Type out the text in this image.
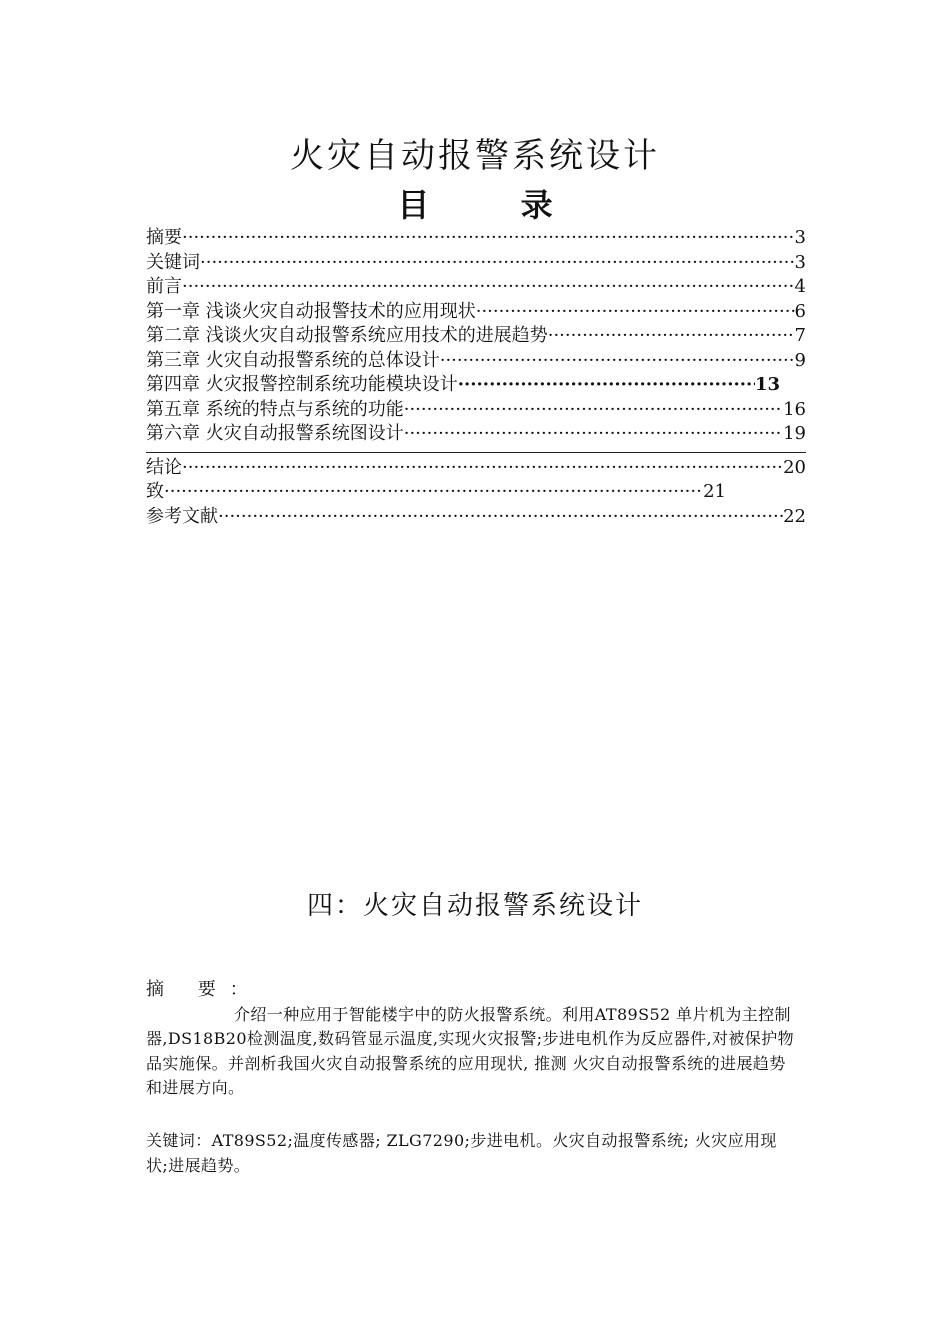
火灾自动报警系统设计
目 录
摘要 ·····	3
关键词 ·····	3
前言 ·····	4
第一章 浅谈火灾自动报警技术的应用现状 ·····	6
第二章 浅谈火灾自动报警系统应用技术的进展趋势 ·····	7
第三章 火灾自动报警系统的总体设计 ·····	9
第四章 火灾报警控制系统功能模块设计 ·····	13
第五章 系统的特点与系统的功能 ·····	16
第六章 火灾自动报警系统图设计 ·····	19
结论 ·····	20
致 ·····	21
参考文献 ·····	22
四：火灾自动报警系统设计
摘 要：

介绍一种应用于智能楼宇中的防火报警系统。利用AT89S52 单片机为主控制器,DS18B20检测温度,数码管显示温度,实现火灾报警;步进电机作为反应器件,对被保护物品实施保。并剖析我国火灾自动报警系统的应用现状, 推测 火灾自动报警系统的进展趋势和进展方向。

关键词：AT89S52;温度传感器; ZLG7290;步进电机。火灾自动报警系统; 火灾应用现状;进展趋势。
